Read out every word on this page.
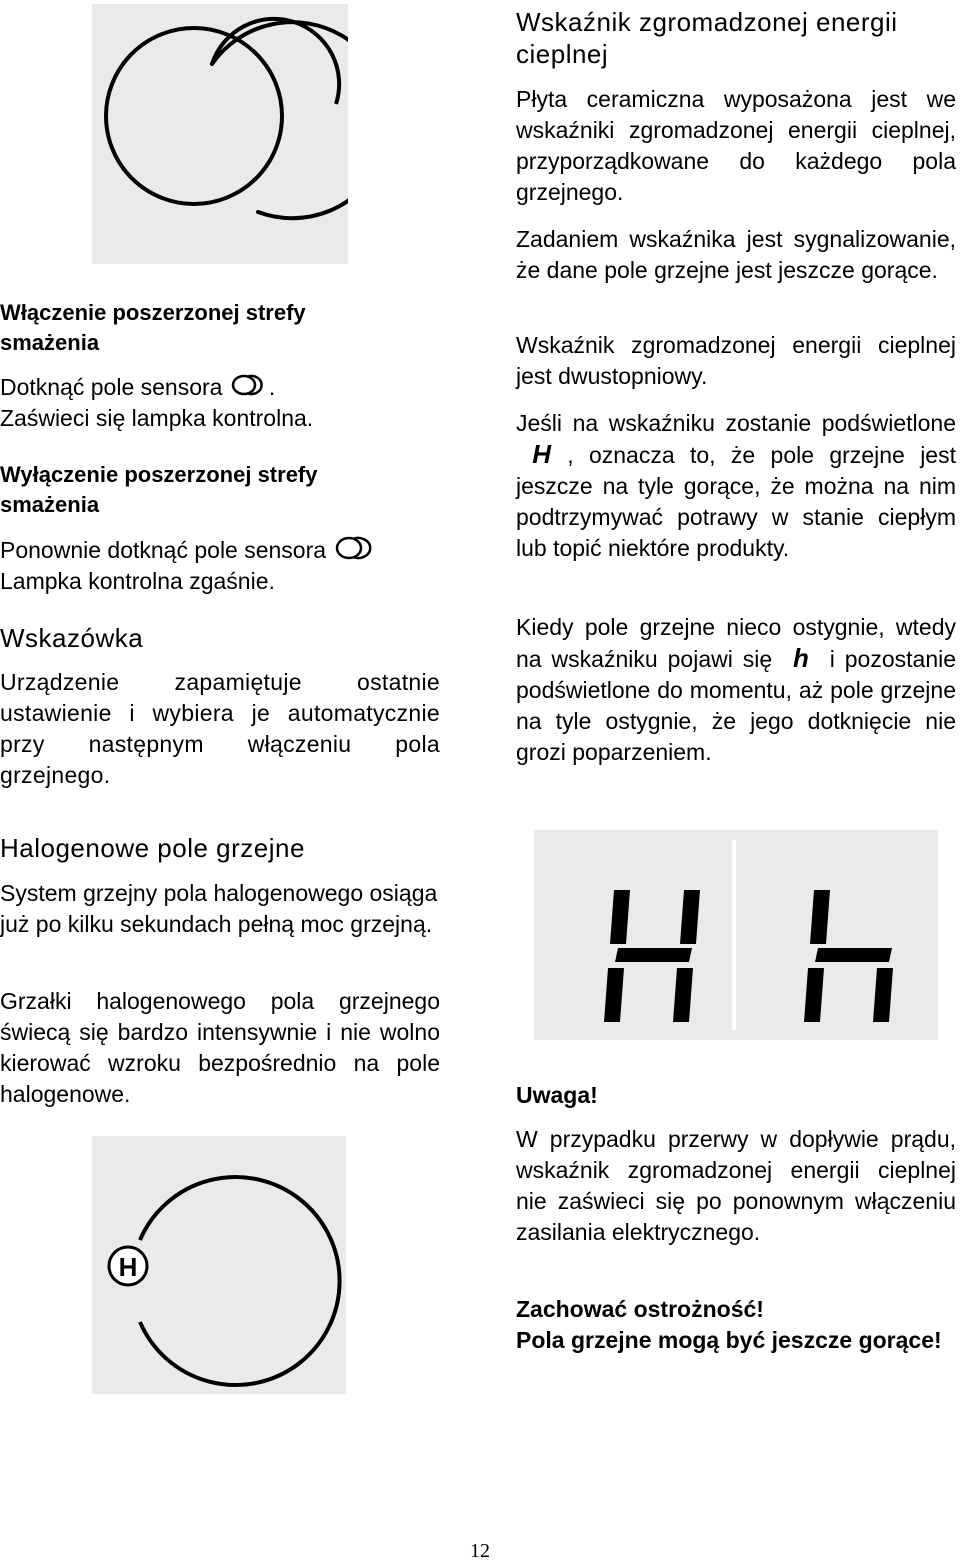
Włączenie poszerzonej strefy smażenia

Dotknąć pole sensora .

Zaświeci się lampka kontrolna.

Wyłączenie poszerzonej strefy smażenia

Ponownie dotknąć pole sensora

Lampka kontrolna zgaśnie.

Wskazówka

Urządzenie zapamiętuje ostatnie ustawienie i wybiera je automatycznie przy następnym włączeniu pola grzejnego.

Halogenowe pole grzejne

System grzejny pola halogenowego osiąga już po kilku sekundach pełną moc grzejną.

Grzałki halogenowego pola grzejnego świecą się bardzo intensywnie i nie wolno kierować wzroku bezpośrednio na pole halogenowe.

H

Wskaźnik zgromadzonej energii cieplnej

Płyta ceramiczna wyposażona jest we wskaźniki zgromadzonej energii cieplnej, przyporządkowane do każdego pola grzejnego.

Zadaniem wskaźnika jest sygnalizowanie, że dane pole grzejne jest jeszcze gorące.

Wskaźnik zgromadzonej energii cieplnej jest dwustopniowy.

Jeśli na wskaźniku zostanie podświetlone  H , oznacza to, że pole grzejne jest jeszcze na tyle gorące, że można na nim podtrzymywać potrawy w stanie ciepłym lub topić niektóre produkty.

Kiedy pole grzejne nieco ostygnie, wtedy na wskaźniku pojawi się h i pozostanie podświetlone do momentu, aż pole grzejne na tyle ostygnie, że jego dotknięcie nie grozi poparzeniem.

Uwaga!

W przypadku przerwy w dopływie prądu, wskaźnik zgromadzonej energii cieplnej nie zaświeci się po ponownym włączeniu zasilania elektrycznego.

Zachować ostrożność!

Pola grzejne mogą być jeszcze gorące!

12
